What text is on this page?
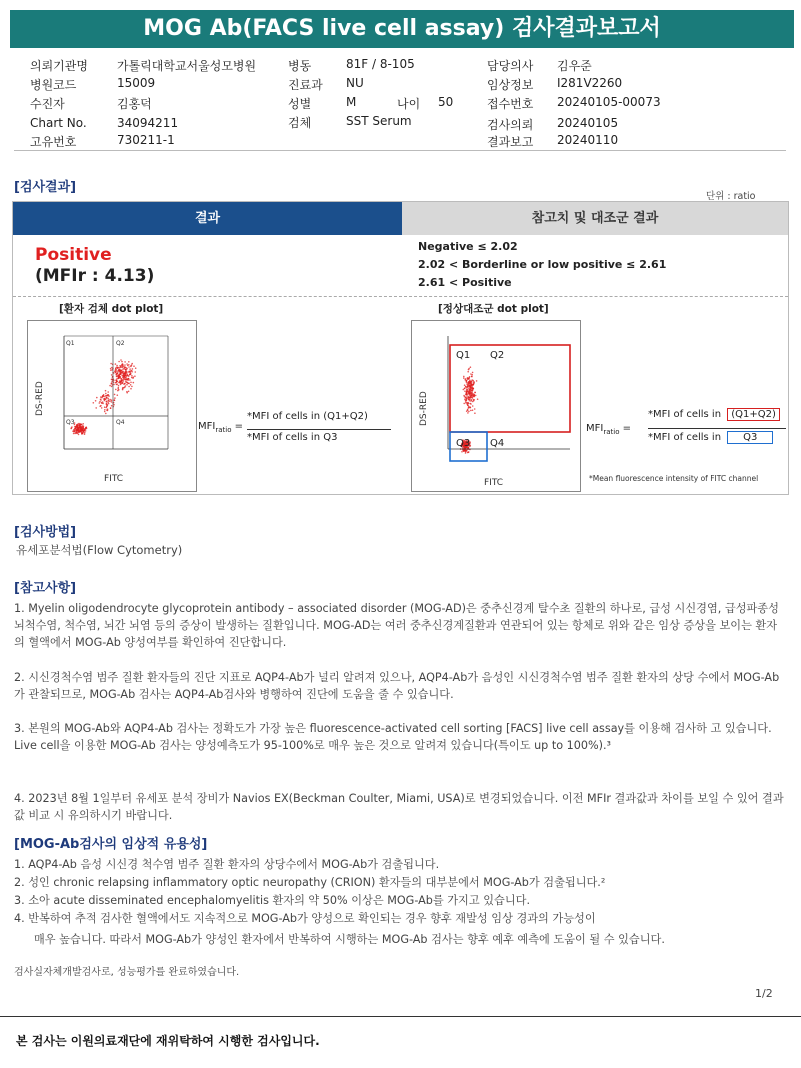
MOG Ab(FACS live cell assay) 검사결과보고서
의뢰기관명 가톨릭대학교서울성모병원
병원코드	15009
수진자	김홍덕
Chart No.	34094211
고유번호	730211-1
병동	81F / 8-105
진료과 NU
성별	M	나이 50
검체	SST Serum
담당의사 김우준
임상정보 I281V2260
접수번호 20240105-00073
검사의뢰 20240105
결과보고 20240110
[검사결과]
단위 : ratio
결과	참고치 및 대조군 결과
Positive
(MFIr : 4.13)
Negative ≤ 2.02
2.02 < Borderline or low positive ≤ 2.61
2.61 < Positive
[환자 검체 dot plot]	[정상대조군 dot plot]
Q1	Q2
Q3	Q4
DS-RED
FITC
$MFI_{ratio}$ =
*MFI of cells in (Q1+Q2)
*MFI of cells in Q3
Q1 Q2
Q3 Q4
DS-RED
FITC
$MFI_{ratio}$ =
*MFI of cells in (Q1+Q2)
*MFI of cells in Q3
*Mean fluorescence intensity of FITC channel
[검사방법]
유세포분석법(Flow Cytometry)
[참고사항]
1. Myelin oligodendrocyte glycoprotein antibody – associated disorder (MOG-AD)은 중추신경계 탈수초 질환의 하나로, 급성 시신경염, 급성파종성 뇌척수염, 척수염, 뇌간 뇌염 등의 증상이 발생하는 질환입니다. MOG-AD는 여러 중추신경계질환과 연관되어 있는 항체로 위와 같은 임상 증상을 보이는 환자의 혈액에서 MOG-Ab 양성여부를 확인하여 진단합니다.
2. 시신경척수염 범주 질환 환자들의 진단 지표로 AQP4-Ab가 널리 알려져 있으나, AQP4-Ab가 음성인 시신경척수염 범주 질환 환자의 상당 수에서 MOG-Ab가 관찰되므로, MOG-Ab 검사는 AQP4-Ab검사와 병행하여 진단에 도움을 줄 수 있습니다.
3. 본원의 MOG-Ab와 AQP4-Ab 검사는 정확도가 가장 높은 fluorescence-activated cell sorting [FACS] live cell assay를 이용해 검사하 고 있습니다. Live cell을 이용한 MOG-Ab 검사는 양성예측도가 95-100%로 매우 높은 것으로 알려져 있습니다(특이도 up to 100%).³
4. 2023년 8월 1일부터 유세포 분석 장비가 Navios EX(Beckman Coulter, Miami, USA)로 변경되었습니다. 이전 MFIr 결과값과 차이를 보일 수 있어 결과값 비교 시 유의하시기 바랍니다.
[MOG-Ab검사의 임상적 유용성]
1. AQP4-Ab 음성 시신경 척수염 범주 질환 환자의 상당수에서 MOG-Ab가 검출됩니다.
2. 성인 chronic relapsing inflammatory optic neuropathy (CRION) 환자들의 대부분에서 MOG-Ab가 검출됩니다.²
3. 소아 acute disseminated encephalomyelitis 환자의 약 50% 이상은 MOG-Ab를 가지고 있습니다.
4. 반복하여 추적 검사한 혈액에서도 지속적으로 MOG-Ab가 양성으로 확인되는 경우 향후 재발성 임상 경과의 가능성이
매우 높습니다. 따라서 MOG-Ab가 양성인 환자에서 반복하여 시행하는 MOG-Ab 검사는 향후 예후 예측에 도움이 될 수 있습니다.
검사실자체개발검사로, 성능평가를 완료하였습니다.
1/2
본 검사는 이원의료재단에 재위탁하여 시행한 검사입니다.
